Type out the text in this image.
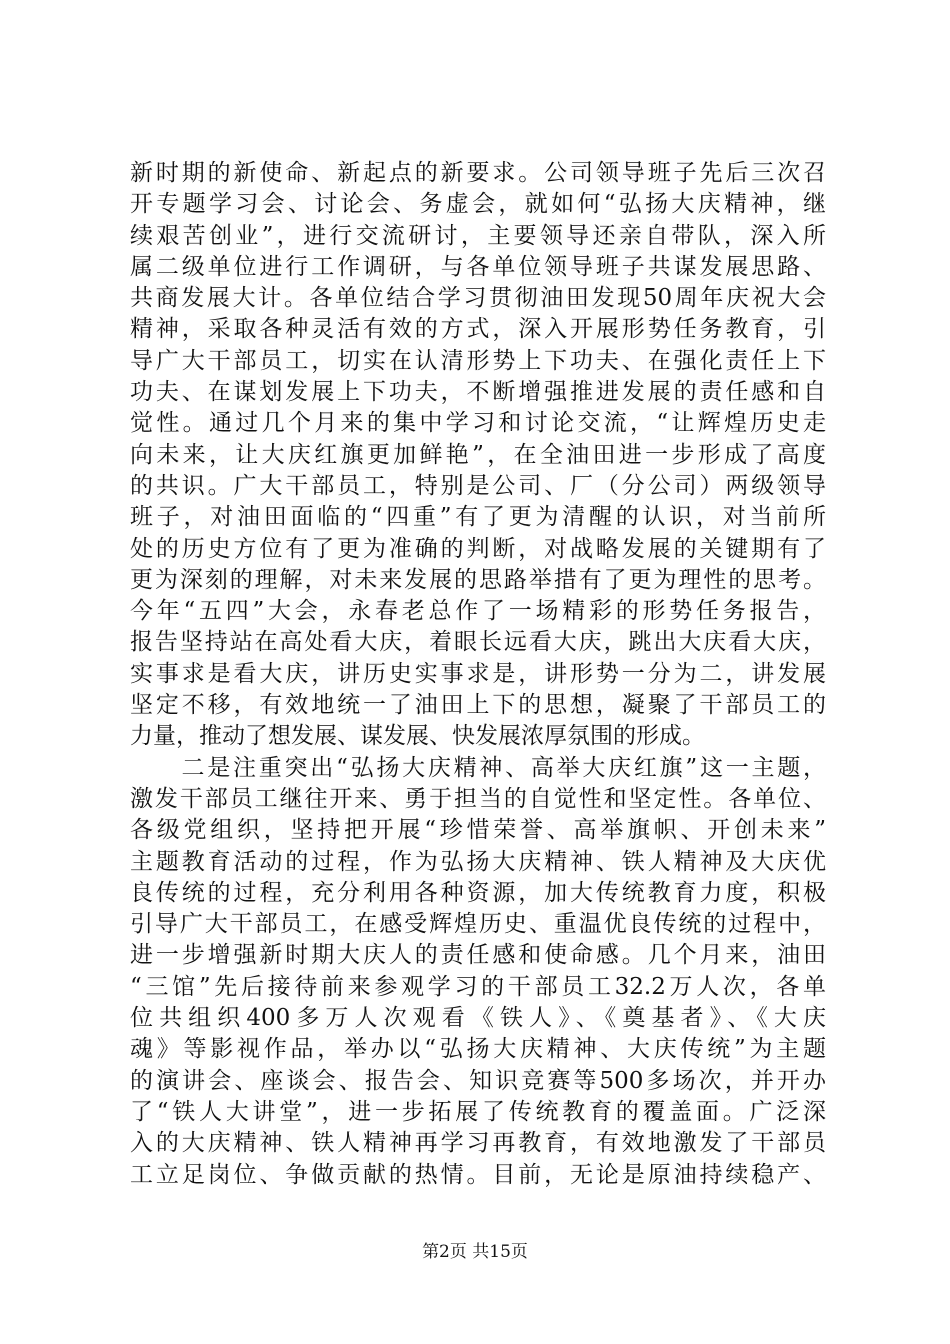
新时期的新使命、新起点的新要求。公司领导班子先后三次召
开专题学习会、讨论会、务虚会，就如何“弘扬大庆精神，继
续艰苦创业”，进行交流研讨，主要领导还亲自带队，深入所
属二级单位进行工作调研，与各单位领导班子共谋发展思路、
共商发展大计。各单位结合学习贯彻油田发现50周年庆祝大会
精神，采取各种灵活有效的方式，深入开展形势任务教育，引
导广大干部员工，切实在认清形势上下功夫、在强化责任上下
功夫、在谋划发展上下功夫，不断增强推进发展的责任感和自
觉性。通过几个月来的集中学习和讨论交流，“让辉煌历史走
向未来，让大庆红旗更加鲜艳”，在全油田进一步形成了高度
的共识。广大干部员工，特别是公司、厂（分公司）两级领导
班子，对油田面临的“四重”有了更为清醒的认识，对当前所
处的历史方位有了更为准确的判断，对战略发展的关键期有了
更为深刻的理解，对未来发展的思路举措有了更为理性的思考。
今年“五四”大会，永春老总作了一场精彩的形势任务报告，
报告坚持站在高处看大庆，着眼长远看大庆，跳出大庆看大庆，
实事求是看大庆，讲历史实事求是，讲形势一分为二，讲发展
坚定不移，有效地统一了油田上下的思想，凝聚了干部员工的
力量，推动了想发展、谋发展、快发展浓厚氛围的形成。
　　二是注重突出“弘扬大庆精神、高举大庆红旗”这一主题，
激发干部员工继往开来、勇于担当的自觉性和坚定性。各单位、
各级党组织，坚持把开展“珍惜荣誉、高举旗帜、开创未来”
主题教育活动的过程，作为弘扬大庆精神、铁人精神及大庆优
良传统的过程，充分利用各种资源，加大传统教育力度，积极
引导广大干部员工，在感受辉煌历史、重温优良传统的过程中，
进一步增强新时期大庆人的责任感和使命感。几个月来，油田
“三馆”先后接待前来参观学习的干部员工32.2万人次，各单
位共组织400多万人次观看《铁人》、《奠基者》、《大庆
魂》等影视作品，举办以“弘扬大庆精神、大庆传统”为主题
的演讲会、座谈会、报告会、知识竞赛等500多场次，并开办
了“铁人大讲堂”，进一步拓展了传统教育的覆盖面。广泛深
入的大庆精神、铁人精神再学习再教育，有效地激发了干部员
工立足岗位、争做贡献的热情。目前，无论是原油持续稳产、
第2页 共15页
